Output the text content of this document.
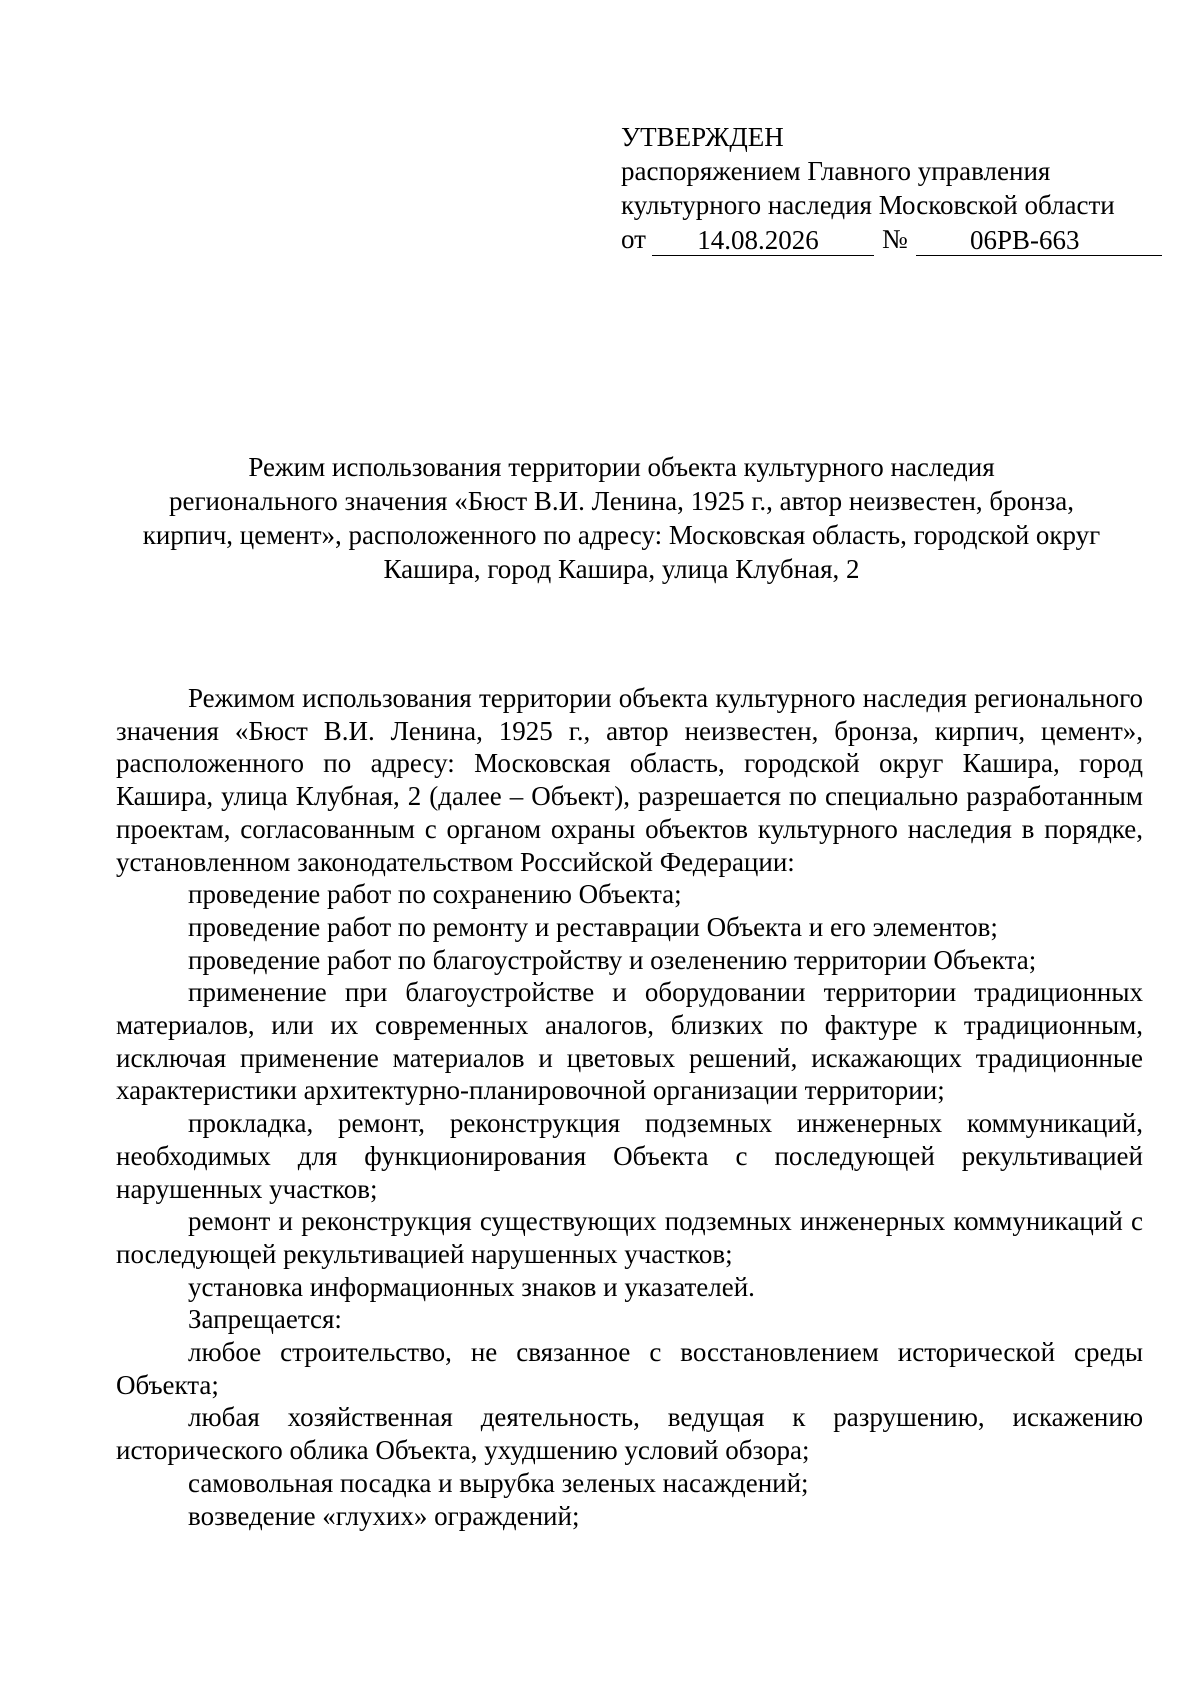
УТВЕРЖДЕН
распоряжением Главного управления
культурного наследия Московской области
от	14.08.2026	№	06РВ-663
Режим использования территории объекта культурного наследия
регионального значения «Бюст В.И. Ленина, 1925 г., автор неизвестен, бронза,
кирпич, цемент», расположенного по адресу: Московская область, городской округ
Кашира, город Кашира, улица Клубная, 2

Режимом использования территории объекта культурного наследия регионального значения «Бюст В.И. Ленина, 1925 г., автор неизвестен, бронза, кирпич, цемент», расположенного по адресу: Московская область, городской округ Кашира, город Кашира, улица Клубная, 2 (далее – Объект), разрешается по специально разработанным проектам, согласованным с органом охраны объектов культурного наследия в порядке, установленном законодательством Российской Федерации:

проведение работ по сохранению Объекта;

проведение работ по ремонту и реставрации Объекта и его элементов;

проведение работ по благоустройству и озеленению территории Объекта;

применение при благоустройстве и оборудовании территории традиционных материалов, или их современных аналогов, близких по фактуре к традиционным, исключая применение материалов и цветовых решений, искажающих традиционные характеристики архитектурно-планировочной организации территории;

прокладка, ремонт, реконструкция подземных инженерных коммуникаций, необходимых для функционирования Объекта с последующей рекультивацией нарушенных участков;

ремонт и реконструкция существующих подземных инженерных коммуникаций с последующей рекультивацией нарушенных участков;

установка информационных знаков и указателей.

Запрещается:

любое строительство, не связанное с восстановлением исторической среды Объекта;

любая хозяйственная деятельность, ведущая к разрушению, искажению исторического облика Объекта, ухудшению условий обзора;

самовольная посадка и вырубка зеленых насаждений;

возведение «глухих» ограждений;
